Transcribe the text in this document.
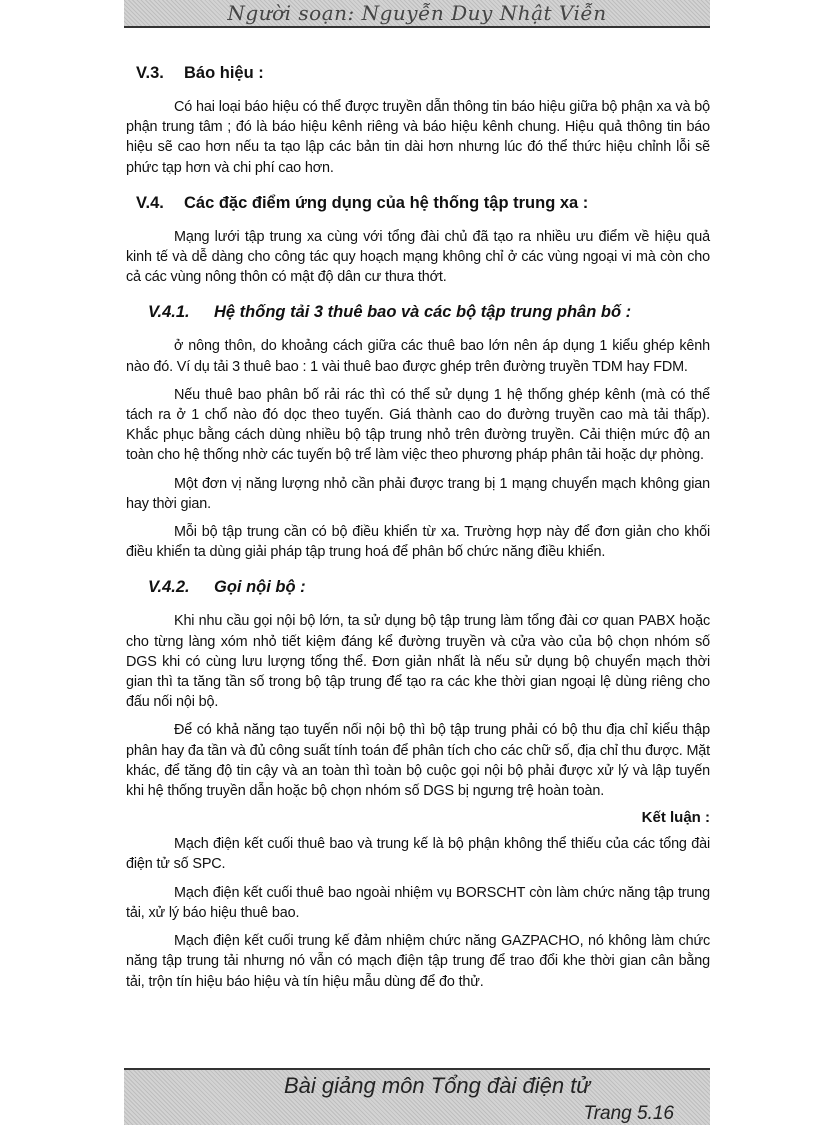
Người soạn: Nguyễn Duy Nhật Viễn
V.3.	Báo hiệu :

Có hai loại báo hiệu có thể được truyền dẫn thông tin báo hiệu giữa bộ phận xa và bộ phận trung tâm ; đó là báo hiệu kênh riêng và báo hiệu kênh chung. Hiệu quả thông tin báo hiệu sẽ cao hơn nếu ta tạo lập các bản tin dài hơn nhưng lúc đó thể thức hiệu chỉnh lỗi sẽ phức tạp hơn và chi phí cao hơn.

V.4.	Các đặc điểm ứng dụng của hệ thống tập trung xa :

Mạng lưới tập trung xa cùng với tổng đài chủ đã tạo ra nhiều ưu điểm về hiệu quả kinh tế và dễ dàng cho công tác quy hoạch mạng không chỉ ở các vùng ngoại vi mà còn cho cả các vùng nông thôn có mật độ dân cư thưa thớt.

V.4.1.	Hệ thống tải 3 thuê bao và các bộ tập trung phân bố :

ở nông thôn, do khoảng cách giữa các thuê bao lớn nên áp dụng 1 kiểu ghép kênh nào đó. Ví dụ tải 3 thuê bao : 1 vài thuê bao được ghép trên đường truyền TDM hay FDM.

Nếu thuê bao phân bố rải rác thì có thể sử dụng 1 hệ thống ghép kênh (mà có thể tách ra ở 1 chổ nào đó dọc theo tuyến. Giá thành cao do đường truyền cao mà tải thấp). Khắc phục bằng cách dùng nhiều bộ tập trung nhỏ trên đường truyền. Cải thiện mức độ an toàn cho hệ thống nhờ các tuyến bộ trể làm việc theo phương pháp phân tải hoặc dự phòng.

Một đơn vị năng lượng nhỏ cần phải được trang bị 1 mạng chuyển mạch không gian hay thời gian.

Mỗi bộ tập trung cần có bộ điều khiển từ xa. Trường hợp này để đơn giản cho khối điều khiển ta dùng giải pháp tập trung hoá để phân bố chức năng điều khiển.

V.4.2.	Gọi nội bộ :

Khi nhu cầu gọi nội bộ lớn, ta sử dụng bộ tập trung làm tổng đài cơ quan PABX hoặc cho từng làng xóm nhỏ tiết kiệm đáng kể đường truyền và cửa vào của bộ chọn nhóm số DGS khi có cùng lưu lượng tổng thể. Đơn giản nhất là nếu sử dụng bộ chuyển mạch thời gian thì ta tăng tần số trong bộ tập trung để tạo ra các khe thời gian ngoại lệ dùng riêng cho đấu nối nội bộ.

Để có khả năng tạo tuyến nối nội bộ thì bộ tập trung phải có bộ thu địa chỉ kiểu thập phân hay đa tần và đủ công suất tính toán để phân tích cho các chữ số, địa chỉ thu được. Mặt khác, để tăng độ tin cậy và an toàn thì toàn bộ cuộc gọi nội bộ phải được xử lý và lập tuyến khi hệ thống truyền dẫn hoặc bộ chọn nhóm số DGS bị ngưng trệ hoàn toàn.

Kết luận :

Mạch điện kết cuối thuê bao và trung kế là bộ phận không thể thiếu của các tổng đài điện tử số SPC.

Mạch điện kết cuối thuê bao ngoài nhiệm vụ BORSCHT còn làm chức năng tập trung tải, xử lý báo hiệu thuê bao.

Mạch điện kết cuối trung kế đảm nhiệm chức năng GAZPACHO, nó không làm chức năng tập trung tải nhưng nó vẫn có mạch điện tập trung để trao đổi khe thời gian cân bằng tải, trộn tín hiệu báo hiệu và tín hiệu mẫu dùng để đo thử.

Bài giảng môn Tổng đài điện tử
Trang 5.16
